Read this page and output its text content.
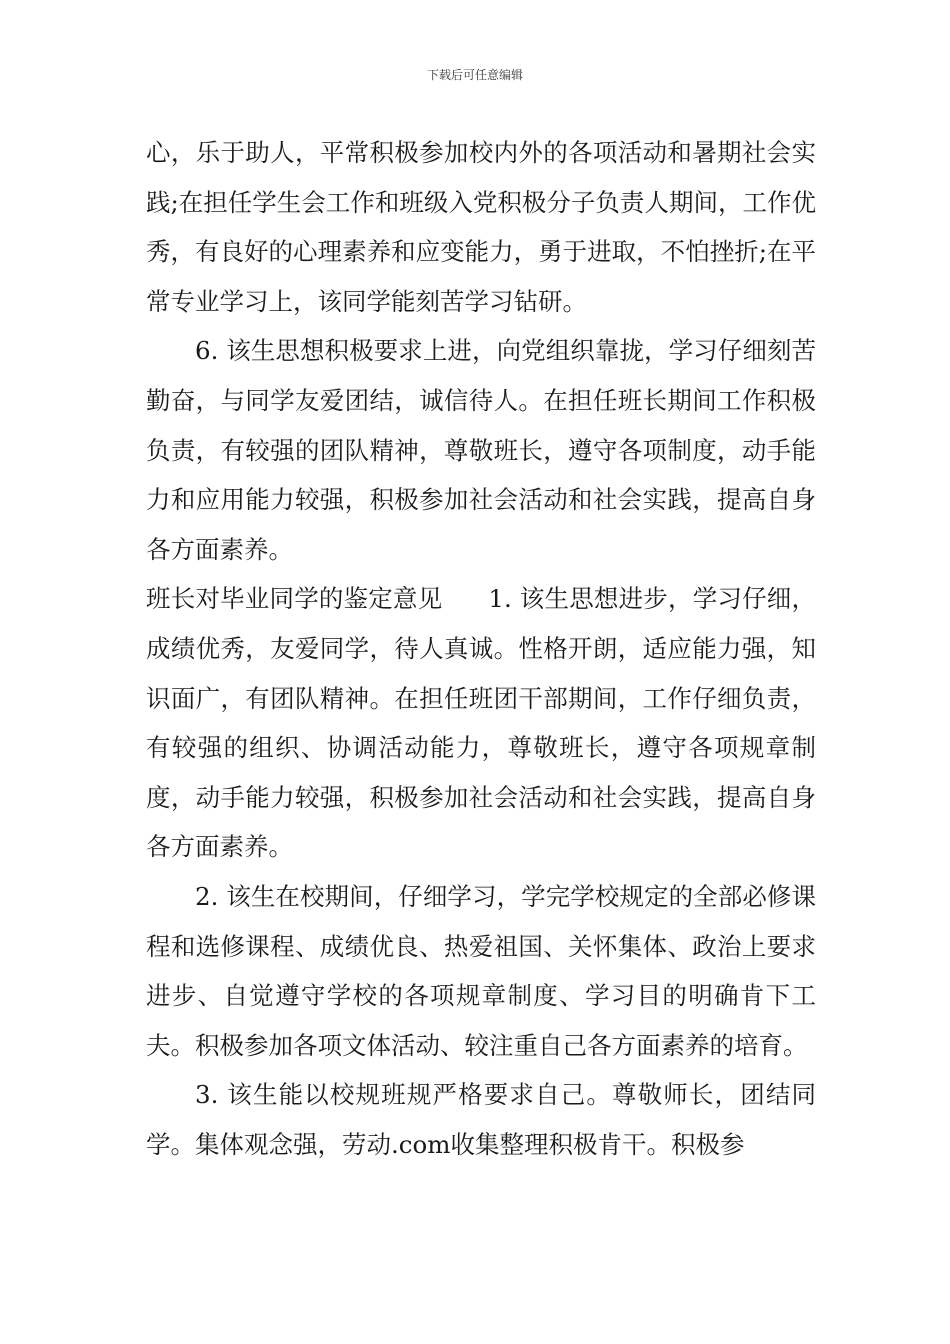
下载后可任意编辑

心，乐于助人，平常积极参加校内外的各项活动和暑期社会实践;在担任学生会工作和班级入党积极分子负责人期间，工作优秀，有良好的心理素养和应变能力，勇于进取，不怕挫折;在平常专业学习上，该同学能刻苦学习钻研。

6. 该生思想积极要求上进，向党组织靠拢，学习仔细刻苦勤奋，与同学友爱团结，诚信待人。在担任班长期间工作积极负责，有较强的团队精神，尊敬班长，遵守各项制度，动手能力和应用能力较强，积极参加社会活动和社会实践，提高自身各方面素养。

班长对毕业同学的鉴定意见 1. 该生思想进步，学习仔细，成绩优秀，友爱同学，待人真诚。性格开朗，适应能力强，知识面广，有团队精神。在担任班团干部期间，工作仔细负责，有较强的组织、协调活动能力，尊敬班长，遵守各项规章制度，动手能力较强，积极参加社会活动和社会实践，提高自身各方面素养。

2. 该生在校期间，仔细学习，学完学校规定的全部必修课程和选修课程、成绩优良、热爱祖国、关怀集体、政治上要求进步、自觉遵守学校的各项规章制度、学习目的明确肯下工夫。积极参加各项文体活动、较注重自己各方面素养的培育。

3. 该生能以校规班规严格要求自己。尊敬师长，团结同学。集体观念强，劳动.com收集整理积极肯干。积极参
